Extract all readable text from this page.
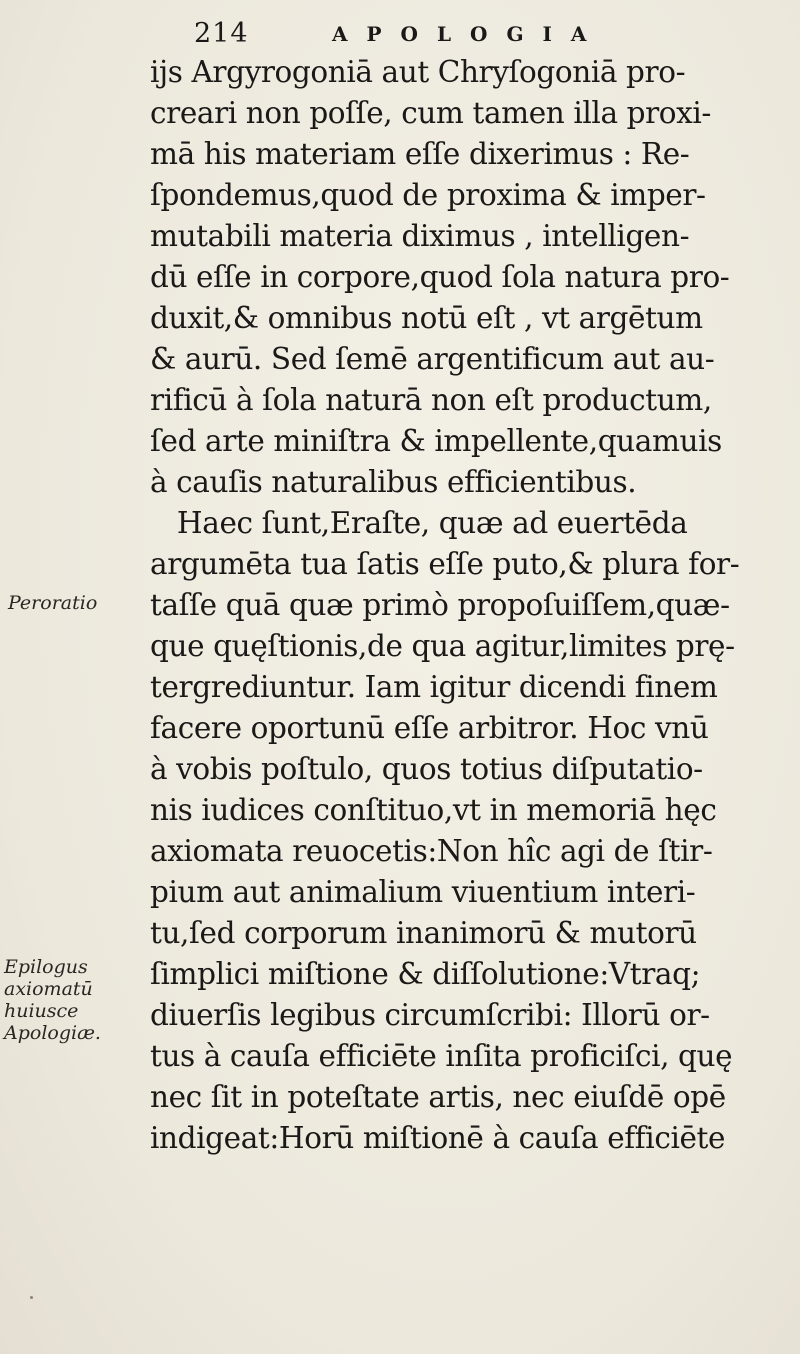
214	APOLOGIA
Peroratio
Epilogus
axiomatū
huiusce
Apologiæ.
ijs Argyrogoniā aut Chryſogoniā pro-
creari non poſſe, cum tamen illa proxi-
mā his materiam eſſe dixerimus : Re-
ſpondemus,quod de proxima & imper-
mutabili materia diximus , intelligen-
dū eſſe in corpore,quod ſola natura pro-
duxit,& omnibus notū eſt , vt argētum
& aurū. Sed ſemē argentificum aut au-
rificū à ſola naturā non eſt productum,
ſed arte miniſtra & impellente,quamuis
à cauſis naturalibus efficientibus.
Haec ſunt,Eraſte, quæ ad euertēda
argumēta tua ſatis eſſe puto,& plura for-
taſſe quā quæ primò propoſuiſſem,quæ-
que quęſtionis,de qua agitur,limites prę-
tergrediuntur. Iam igitur dicendi finem
facere oportunū eſſe arbitror. Hoc vnū
à vobis poſtulo, quos totius diſputatio-
nis iudices conſtituo,vt in memoriā hęc
axiomata reuocetis:Non hîc agi de ſtir-
pium aut animalium viuentium interi-
tu,ſed corporum inanimorū & mutorū
ſimplici miſtione & diſſolutione:Vtraq;
diuerſis legibus circumſcribi: Illorū or-
tus à cauſa efficiēte inſita proficiſci, quę
nec ſit in poteſtate artis, nec eiuſdē opē
indigeat:Horū miſtionē à cauſa efficiēte
